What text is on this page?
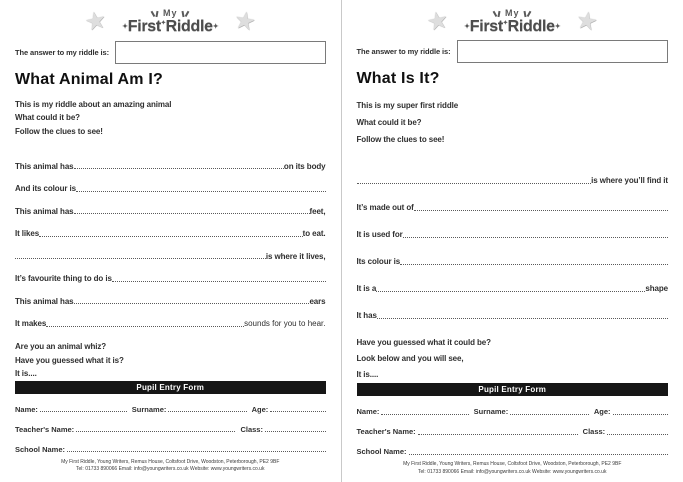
★	My
✦First✦Riddle✦ ★
The answer to my riddle is:
What Animal Am I?
This is my riddle about an amazing animal
What could it be?
Follow the clues to see!
This animal has	on its body
And its colour is
This animal has	feet,
It likes	to eat.
is where it lives,
It’s favourite thing to do is
This animal has	ears
It makes	sounds for you to hear.
Are you an animal whiz?
Have you guessed what it is?
It is....
Pupil Entry Form
Name:	Surname:	Age:
Teacher's Name:	Class:
School Name:
My First Riddle, Young Writers, Remus House, Coltsfoot Drive, Woodston, Peterborough, PE2 9BF
Tel: 01733 890066 Email: info@youngwriters.co.uk Website: www.youngwriters.co.uk
★	My
✦First✦Riddle✦ ★
The answer to my riddle is:
What Is It?
This is my super first riddle
What could it be?
Follow the clues to see!
is where you’ll find it
It’s made out of
It is used for
Its colour is
It is a	shape
It has
Have you guessed what it could be?
Look below and you will see,
It is....
Pupil Entry Form
Name:	Surname:	Age:
Teacher's Name:	Class:
School Name:
My First Riddle, Young Writers, Remus House, Coltsfoot Drive, Woodston, Peterborough, PE2 9BF
Tel: 01733 890066 Email: info@youngwriters.co.uk Website: www.youngwriters.co.uk
